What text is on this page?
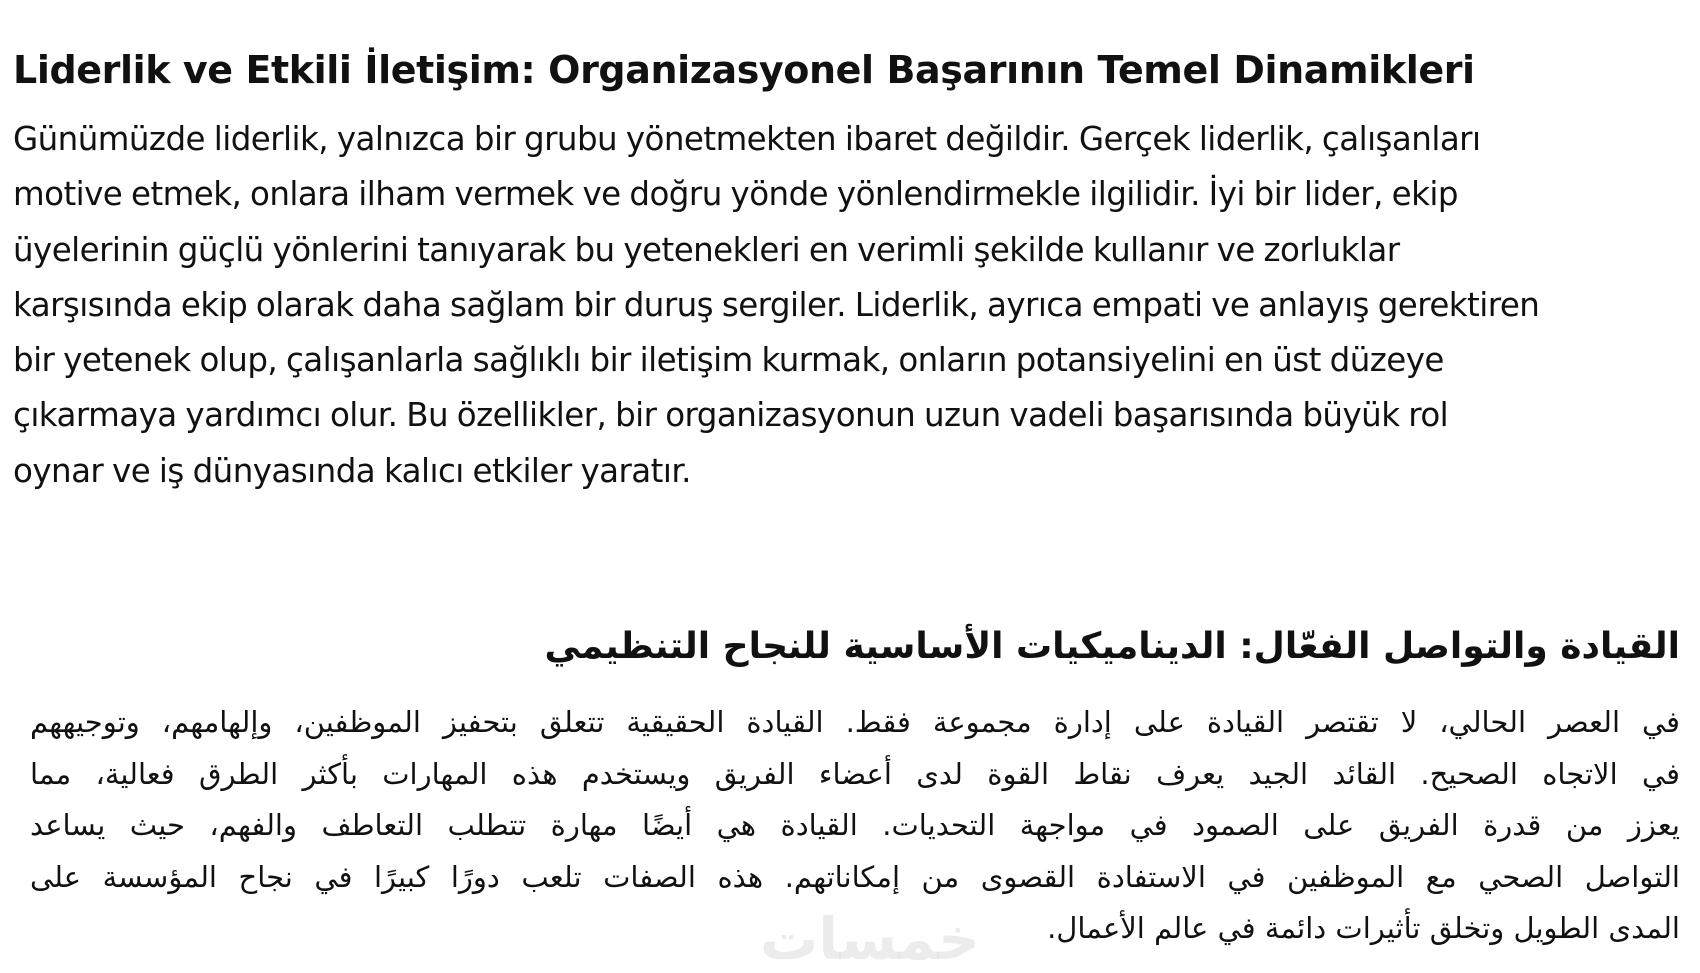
Liderlik ve Etkili İletişim: Organizasyonel Başarının Temel Dinamikleri

Günümüzde liderlik, yalnızca bir grubu yönetmekten ibaret değildir. Gerçek liderlik, çalışanları
motive etmek, onlara ilham vermek ve doğru yönde yönlendirmekle ilgilidir. İyi bir lider, ekip
üyelerinin güçlü yönlerini tanıyarak bu yetenekleri en verimli şekilde kullanır ve zorluklar
karşısında ekip olarak daha sağlam bir duruş sergiler. Liderlik, ayrıca empati ve anlayış gerektiren
bir yetenek olup, çalışanlarla sağlıklı bir iletişim kurmak, onların potansiyelini en üst düzeye
çıkarmaya yardımcı olur. Bu özellikler, bir organizasyonun uzun vadeli başarısında büyük rol
oynar ve iş dünyasında kalıcı etkiler yaratır.

القيادة والتواصل الفعّال: الديناميكيات الأساسية للنجاح التنظيمي

في العصر الحالي، لا تقتصر القيادة على إدارة مجموعة فقط. القيادة الحقيقية تتعلق بتحفيز الموظفين، وإلهامهم، وتوجيههم
في الاتجاه الصحيح. القائد الجيد يعرف نقاط القوة لدى أعضاء الفريق ويستخدم هذه المهارات بأكثر الطرق فعالية، مما
يعزز من قدرة الفريق على الصمود في مواجهة التحديات. القيادة هي أيضًا مهارة تتطلب التعاطف والفهم، حيث يساعد
التواصل الصحي مع الموظفين في الاستفادة القصوى من إمكاناتهم. هذه الصفات تلعب دورًا كبيرًا في نجاح المؤسسة على
المدى الطويل وتخلق تأثيرات دائمة في عالم الأعمال.

خمسات
